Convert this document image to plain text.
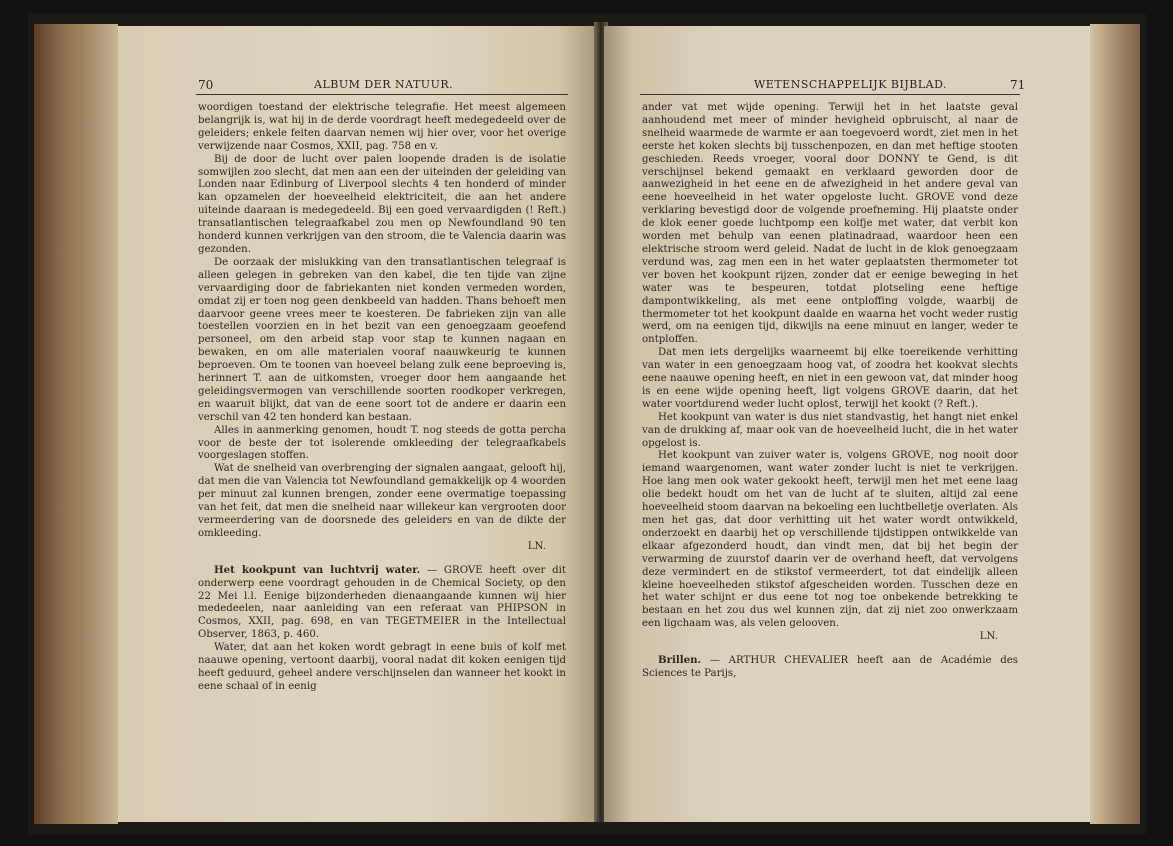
70	ALBUM DER NATUUR.

woordigen toestand der elektrische telegrafie. Het meest algemeen belangrijk is, wat hij in de derde voordragt heeft medegedeeld over de geleiders; enkele feiten daarvan nemen wij hier over, voor het overige verwijzende naar Cosmos, XXII, pag. 758 en v.

Bij de door de lucht over palen loopende draden is de isolatie somwijlen zoo slecht, dat men aan een der uiteinden der geleiding van Londen naar Edinburg of Liverpool slechts 4 ten honderd of minder kan opzamelen der hoeveelheid elektriciteit, die aan het andere uiteinde daaraan is medegedeeld. Bij een goed vervaardigden (! Reft.) transatlantischen telegraafkabel zou men op Newfoundland 90 ten honderd kunnen verkrijgen van den stroom, die te Valencia daarin was gezonden.

De oorzaak der mislukking van den transatlantischen telegraaf is alleen gelegen in gebreken van den kabel, die ten tijde van zijne vervaardiging door de fabriekanten niet konden vermeden worden, omdat zij er toen nog geen denkbeeld van hadden. Thans behoeft men daarvoor geene vrees meer te koesteren. De fabrieken zijn van alle toestellen voorzien en in het bezit van een genoegzaam geoefend personeel, om den arbeid stap voor stap te kunnen nagaan en bewaken, en om alle materialen vooraf naauwkeurig te kunnen beproeven. Om te toonen van hoeveel belang zulk eene beproeving is, herinnert T. aan de uitkomsten, vroeger door hem aangaande het geleidingsvermogen van verschillende soorten roodkoper verkregen, en waaruit blijkt, dat van de eene soort tot de andere er daarin een verschil van 42 ten honderd kan bestaan.

Alles in aanmerking genomen, houdt T. nog steeds de gotta percha voor de beste der tot isolerende omkleeding der telegraafkabels voorgeslagen stoffen.

Wat de snelheid van overbrenging der signalen aangaat, gelooft hij, dat men die van Valencia tot Newfoundland gemakkelijk op 4 woorden per minuut zal kunnen brengen, zonder eene overmatige toepassing van het feit, dat men die snelheid naar willekeur kan vergrooten door vermeerdering van de doorsnede des geleiders en van de dikte der omkleeding.

LN.

Het kookpunt van luchtvrij water. — GROVE heeft over dit onderwerp eene voordragt gehouden in de Chemical Society, op den 22 Mei l.l. Eenige bijzonderheden dienaangaande kunnen wij hier mededeelen, naar aanleiding van een referaat van PHIPSON in Cosmos, XXII, pag. 698, en van TEGETMEIER in the Intellectual Observer, 1863, p. 460.

Water, dat aan het koken wordt gebragt in eene buis of kolf met naauwe opening, vertoont daarbij, vooral nadat dit koken eenigen tijd heeft geduurd, geheel andere verschijnselen dan wanneer het kookt in eene schaal of in eenig

WETENSCHAPPELIJK BIJBLAD.	71

ander vat met wijde opening. Terwijl het in het laatste geval aanhoudend met meer of minder hevigheid opbruischt, al naar de snelheid waarmede de warmte er aan toegevoerd wordt, ziet men in het eerste het koken slechts bij tusschenpozen, en dan met heftige stooten geschieden. Reeds vroeger, vooral door DONNY te Gend, is dit verschijnsel bekend gemaakt en verklaard geworden door de aanwezigheid in het eene en de afwezigheid in het andere geval van eene hoeveelheid in het water opgeloste lucht. GROVE vond deze verklaring bevestigd door de volgende proefneming. Hij plaatste onder de klok eener goede luchtpomp een kolfje met water, dat verbit kon worden met behulp van eenen platinadraad, waardoor heen een elektrische stroom werd geleid. Nadat de lucht in de klok genoegzaam verdund was, zag men een in het water geplaatsten thermometer tot ver boven het kookpunt rijzen, zonder dat er eenige beweging in het water was te bespeuren, totdat plotseling eene heftige dampontwikkeling, als met eene ontploffing volgde, waarbij de thermometer tot het kookpunt daalde en waarna het vocht weder rustig werd, om na eenigen tijd, dikwijls na eene minuut en langer, weder te ontploffen.

Dat men iets dergelijks waarneemt bij elke toereikende verhitting van water in een genoegzaam hoog vat, of zoodra het kookvat slechts eene naauwe opening heeft, en niet in een gewoon vat, dat minder hoog is en eene wijde opening heeft, ligt volgens GROVE daarin, dat het water voortdurend weder lucht oplost, terwijl het kookt (? Reft.).

Het kookpunt van water is dus niet standvastig, het hangt niet enkel van de drukking af, maar ook van de hoeveelheid lucht, die in het water opgelost is.

Het kookpunt van zuiver water is, volgens GROVE, nog nooit door iemand waargenomen, want water zonder lucht is niet te verkrijgen. Hoe lang men ook water gekookt heeft, terwijl men het met eene laag olie bedekt houdt om het van de lucht af te sluiten, altijd zal eene hoeveelheid stoom daarvan na bekoeling een luchtbelletje overlaten. Als men het gas, dat door verhitting uit het water wordt ontwikkeld, onderzoekt en daarbij het op verschillende tijdstippen ontwikkelde van elkaar afgezonderd houdt, dan vindt men, dat bij het begin der verwarming de zuurstof daarin ver de overhand heeft, dat vervolgens deze vermindert en de stikstof vermeerdert, tot dat eindelijk alleen kleine hoeveelheden stikstof afgescheiden worden. Tusschen deze en het water schijnt er dus eene tot nog toe onbekende betrekking te bestaan en het zou dus wel kunnen zijn, dat zij niet zoo onwerkzaam een ligchaam was, als velen gelooven.

LN.

Brillen. — ARTHUR CHEVALIER heeft aan de Académie des Sciences te Parijs,
